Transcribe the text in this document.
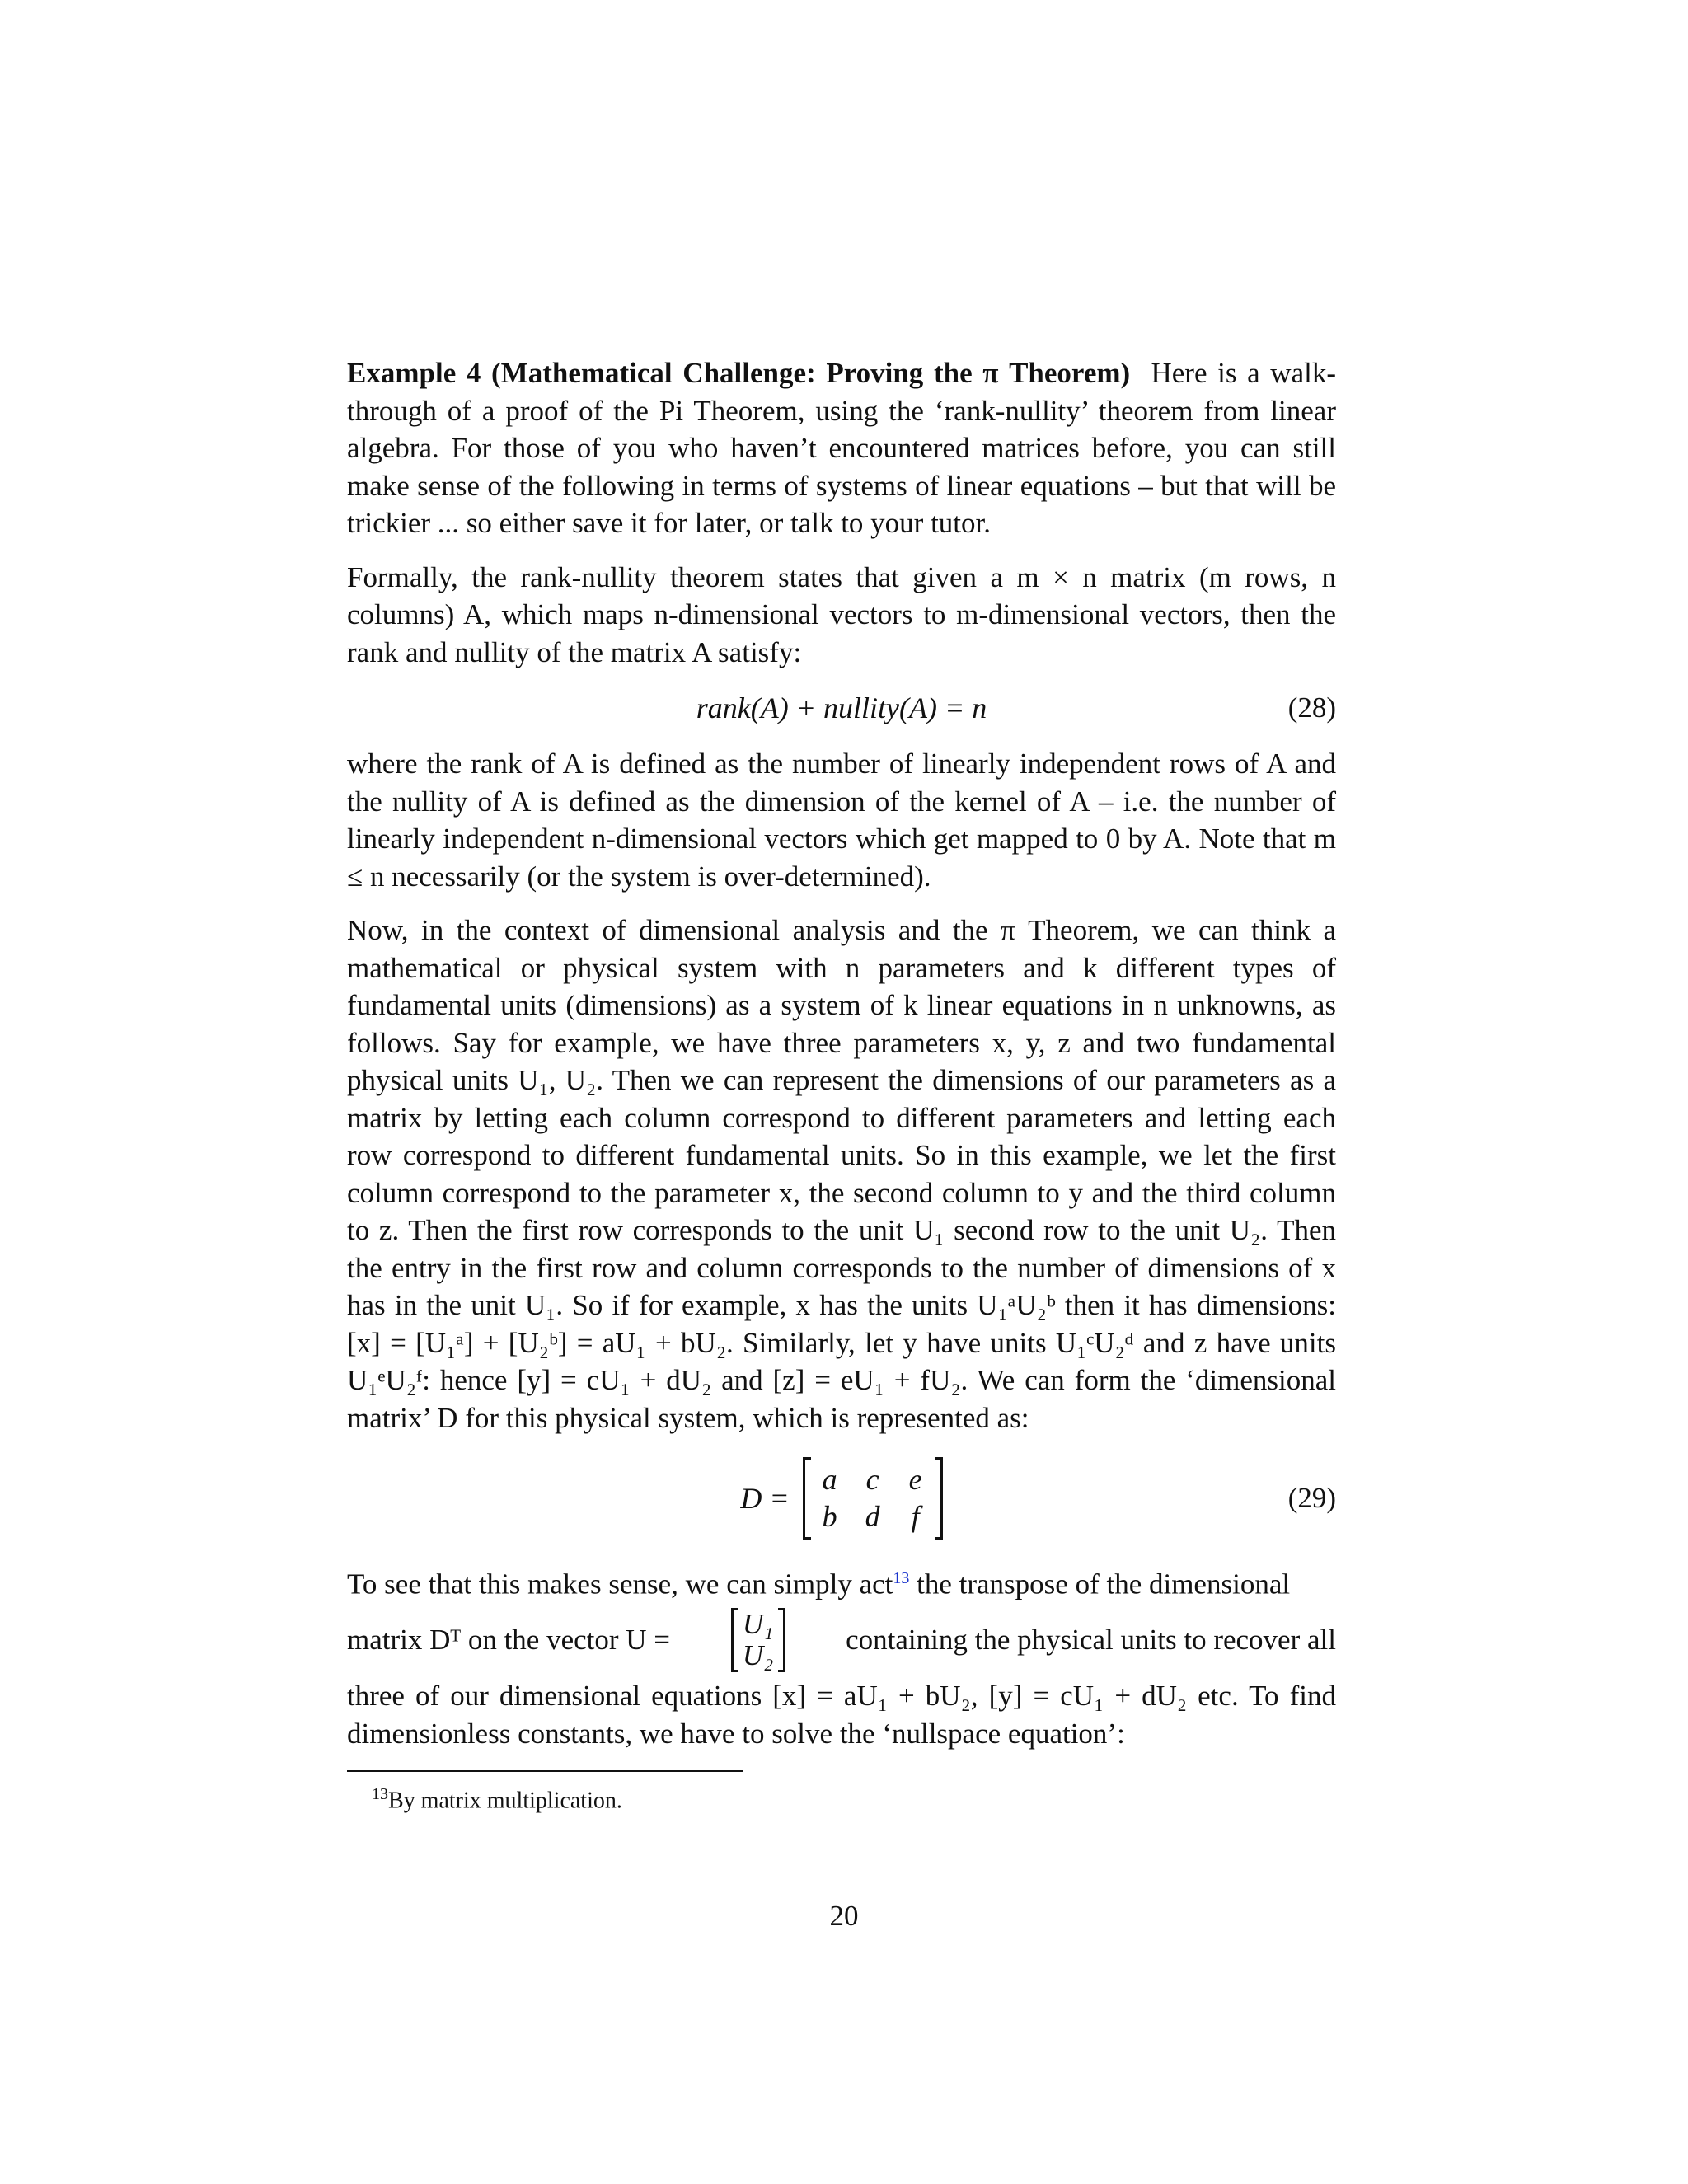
Example 4 (Mathematical Challenge: Proving the π Theorem) Here is a walk-through of a proof of the Pi Theorem, using the ‘rank-nullity’ theorem from linear algebra. For those of you who haven’t encountered matrices before, you can still make sense of the following in terms of systems of linear equations – but that will be trickier ... so either save it for later, or talk to your tutor.

Formally, the rank-nullity theorem states that given a m × n matrix (m rows, n columns) A, which maps n-dimensional vectors to m-dimensional vectors, then the rank and nullity of the matrix A satisfy:

rank(A) + nullity(A) = n	(28)

where the rank of A is defined as the number of linearly independent rows of A and the nullity of A is defined as the dimension of the kernel of A – i.e. the number of linearly independent n-dimensional vectors which get mapped to 0 by A. Note that m ≤ n necessarily (or the system is over-determined).

Now, in the context of dimensional analysis and the π Theorem, we can think a mathematical or physical system with n parameters and k different types of fundamental units (dimensions) as a system of k linear equations in n unknowns, as follows. Say for example, we have three parameters x, y, z and two fundamental physical units U₁, U₂. Then we can represent the dimensions of our parameters as a matrix by letting each column correspond to different parameters and letting each row correspond to different fundamental units. So in this example, we let the first column correspond to the parameter x, the second column to y and the third column to z. Then the first row corresponds to the unit U₁ second row to the unit U₂. Then the entry in the first row and column corresponds to the number of dimensions of x has in the unit U₁. So if for example, x has the units U₁ᵃU₂ᵇ then it has dimensions: [x] = [U₁ᵃ] + [U₂ᵇ] = aU₁ + bU₂. Similarly, let y have units U₁ᶜU₂ᵈ and z have units U₁ᵉU₂ᶠ: hence [y] = cU₁ + dU₂ and [z] = eU₁ + fU₂. We can form the ‘dimensional matrix’ D for this physical system, which is represented as:

D =
a c	e
b d	f
(29)

To see that this makes sense, we can simply act$^{13}$ the transpose of the dimensional

matrix Dᵀ on the vector U =	U₁
U₂	containing the physical units to recover all

three of our dimensional equations [x] = aU₁ + bU₂, [y] = cU₁ + dU₂ etc. To find dimensionless constants, we have to solve the ‘nullspace equation’:

$^{13}$By matrix multiplication.
20
